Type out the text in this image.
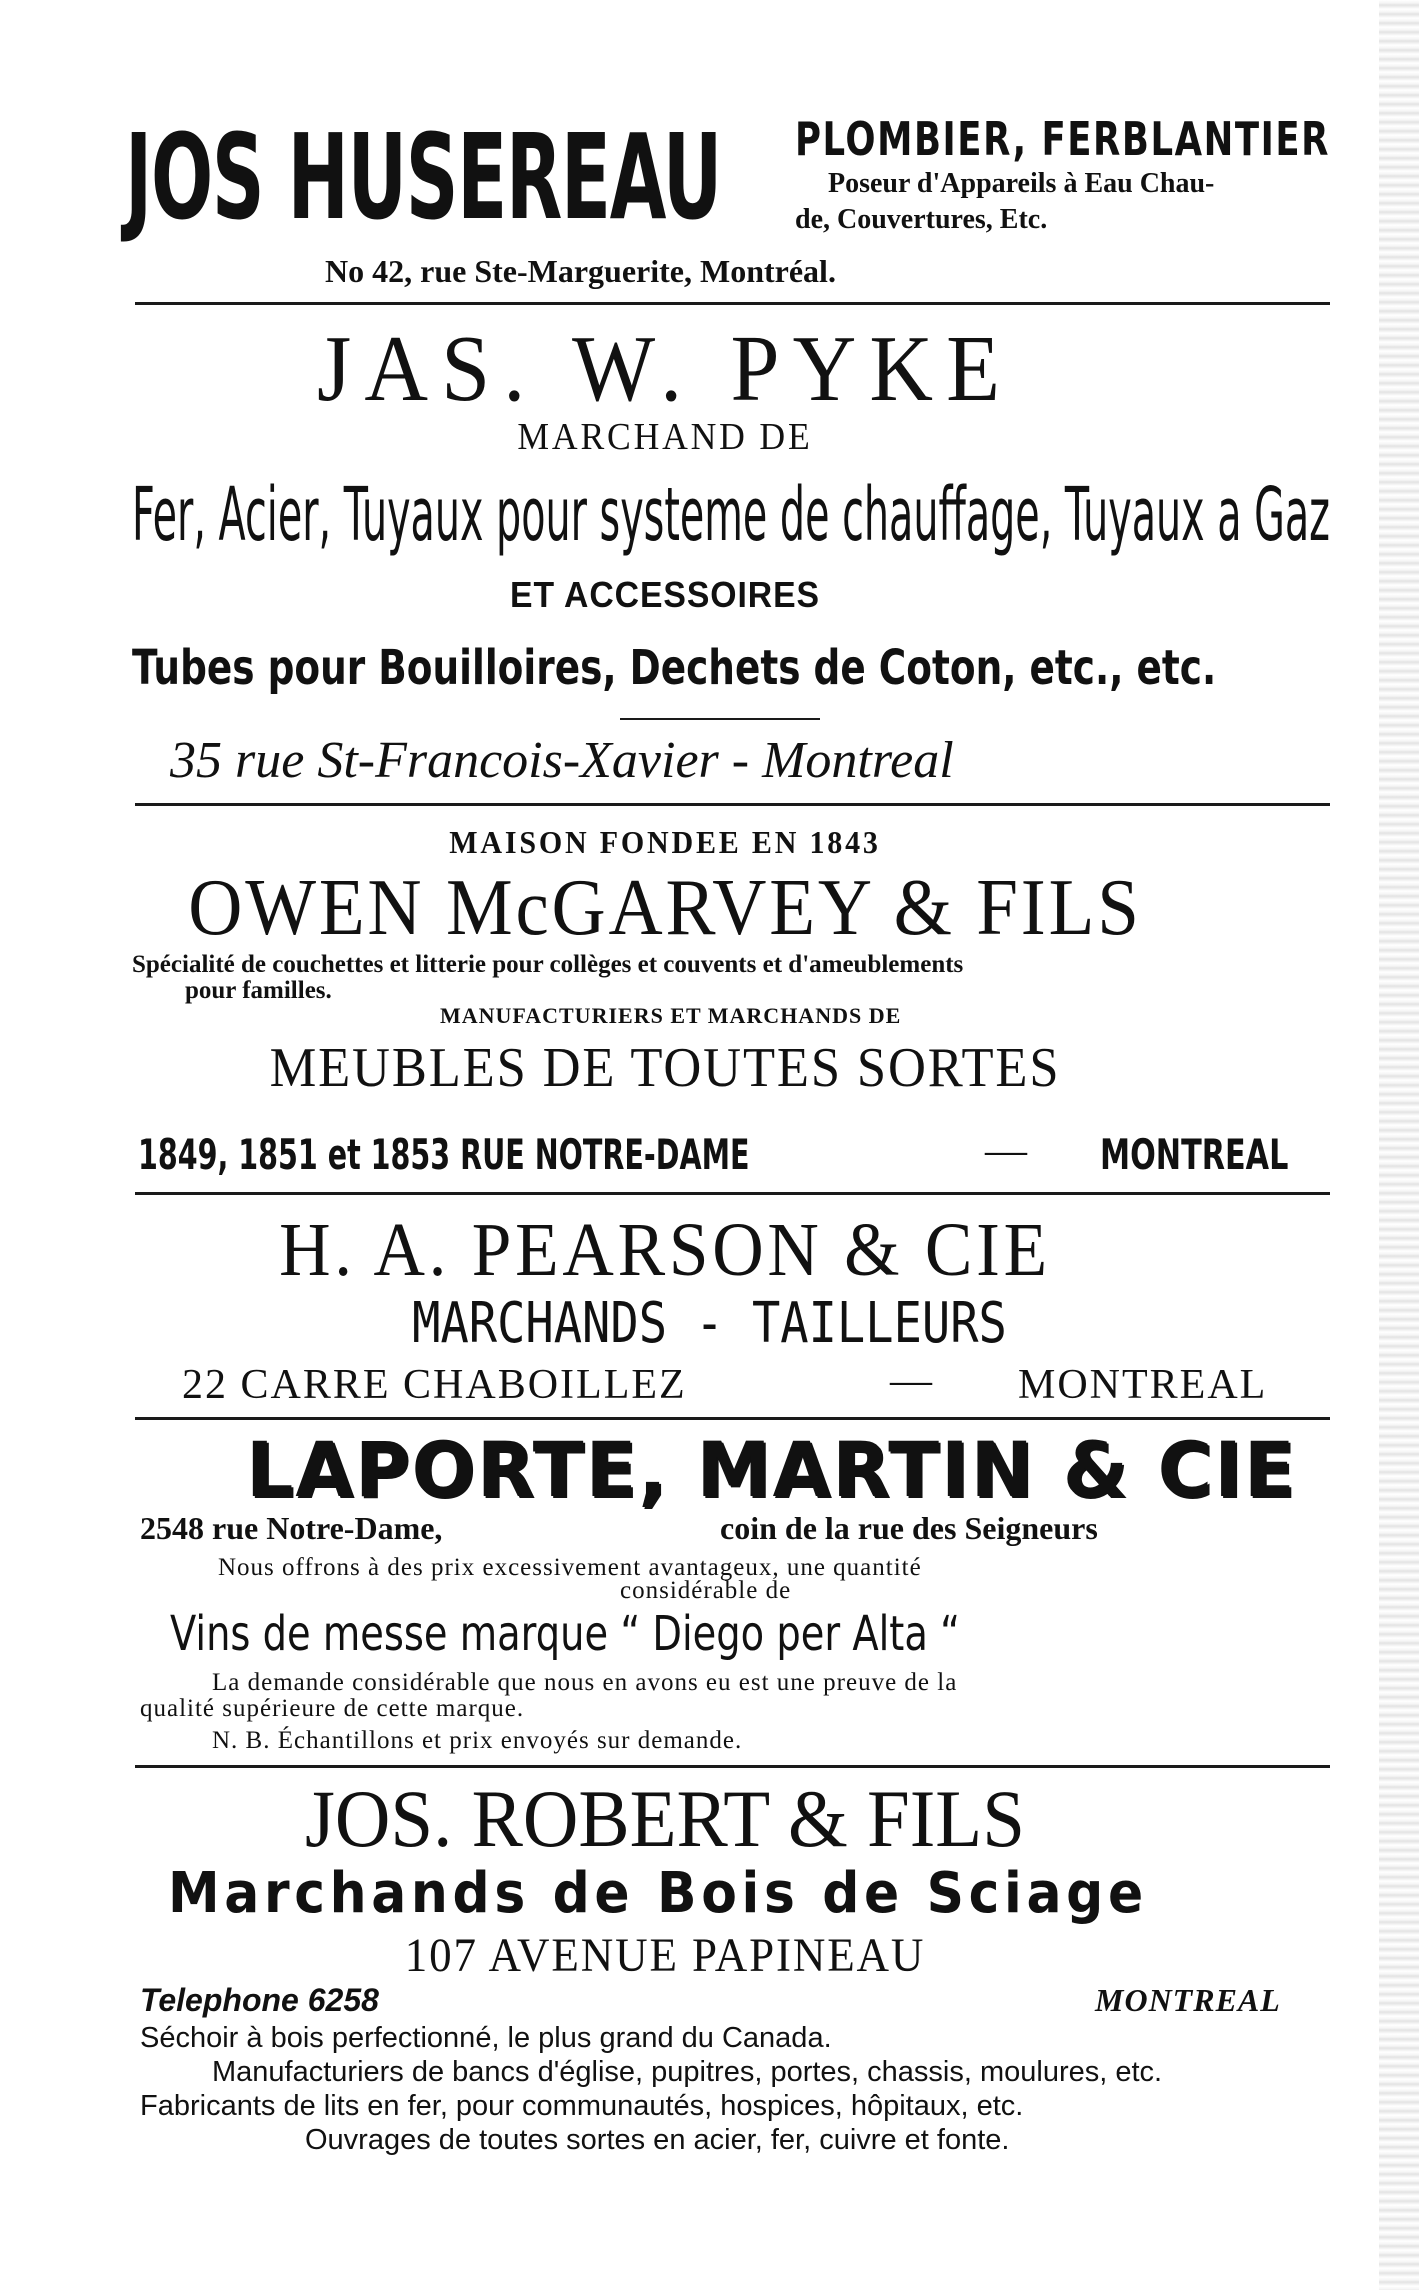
JOS HUSEREAU PLOMBIER, FERBLANTIER
Poseur d'Appareils à Eau Chau-
de, Couvertures, Etc.
No 42, rue Ste-Marguerite, Montréal.
JAS. W. PYKE
MARCHAND DE
Fer, Acier, Tuyaux pour systeme de chauffage, Tuyaux a Gaz
ET ACCESSOIRES
Tubes pour Bouilloires, Dechets de Coton, etc., etc.
35 rue St-Francois-Xavier - Montreal
MAISON FONDEE EN 1843
OWEN McGARVEY & FILS
Spécialité de couchettes et litterie pour collèges et couvents et d'ameublements
pour familles.
MANUFACTURIERS ET MARCHANDS DE
MEUBLES DE TOUTES SORTES
1849, 1851 et 1853 RUE NOTRE-DAME	— MONTREAL
H. A. PEARSON & CIE
MARCHANDS - TAILLEURS
22 CARRE CHABOILLEZ	— MONTREAL
LAPORTE, MARTIN & CIE
2548 rue Notre-Dame,	coin de la rue des Seigneurs
Nous offrons à des prix excessivement avantageux, une quantité
considérable de
Vins de messe marque “ Diego per Alta “
La demande considérable que nous en avons eu est une preuve de la
qualité supérieure de cette marque.
N. B. Échantillons et prix envoyés sur demande.
JOS. ROBERT & FILS
Marchands de Bois de Sciage
107 AVENUE PAPINEAU
Telephone 6258	MONTREAL
Séchoir à bois perfectionné, le plus grand du Canada.
Manufacturiers de bancs d'église, pupitres, portes, chassis, moulures, etc.
Fabricants de lits en fer, pour communautés, hospices, hôpitaux, etc.
Ouvrages de toutes sortes en acier, fer, cuivre et fonte.
